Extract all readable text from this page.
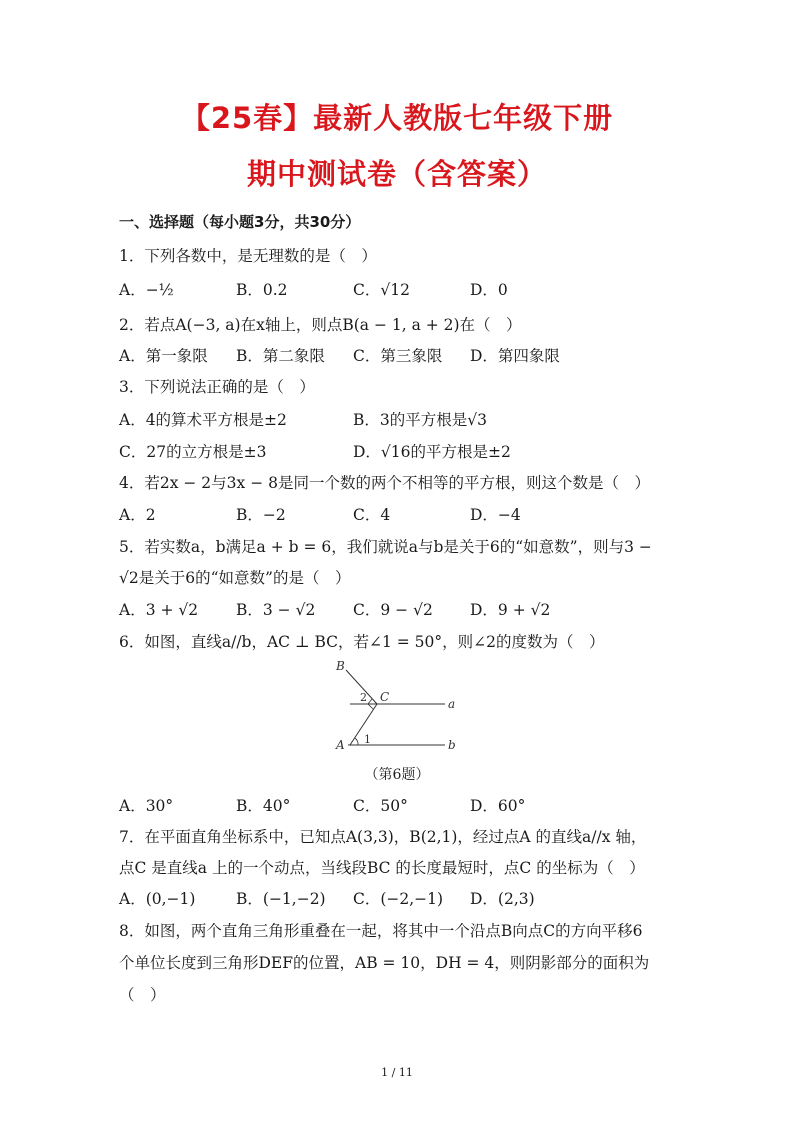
【25春】最新人教版七年级下册
期中测试卷（含答案）
一、选择题（每小题3分，共30分）
1．下列各数中，是无理数的是（　）
A．−½	B．0.2	C．√12	D．0
2．若点A(−3, a)在x轴上，则点B(a − 1, a + 2)在（　）
A．第一象限 B．第二象限 C．第三象限 D．第四象限
3．下列说法正确的是（　）
A．4的算术平方根是±2	B．3的平方根是√3
C．27的立方根是±3	D．√16的平方根是±2
4．若2x − 2与3x − 8是同一个数的两个不相等的平方根，则这个数是（　）
A．2	B．−2	C．4	D．−4
5．若实数a，b满足a + b = 6，我们就说a与b是关于6的“如意数”，则与3 −
√2是关于6的“如意数”的是（　）
A．3 + √2 B．3 − √2 C．9 − √2 D．9 + √2
6．如图，直线a//b，AC ⊥ BC，若∠1 = 50°，则∠2的度数为（　）
B
C	a
b
A 1
2
（第6题）
A．30°	B．40°	C．50°	D．60°
7．在平面直角坐标系中，已知点A(3,3)，B(2,1)，经过点A 的直线a//x 轴，
点C 是直线a 上的一个动点，当线段BC 的长度最短时，点C 的坐标为（　）
A．(0,−1)	B．(−1,−2) C．(−2,−1) D．(2,3)
8．如图，两个直角三角形重叠在一起，将其中一个沿点B向点C的方向平移6
个单位长度到三角形DEF的位置，AB = 10，DH = 4，则阴影部分的面积为
（　）
1 / 11
